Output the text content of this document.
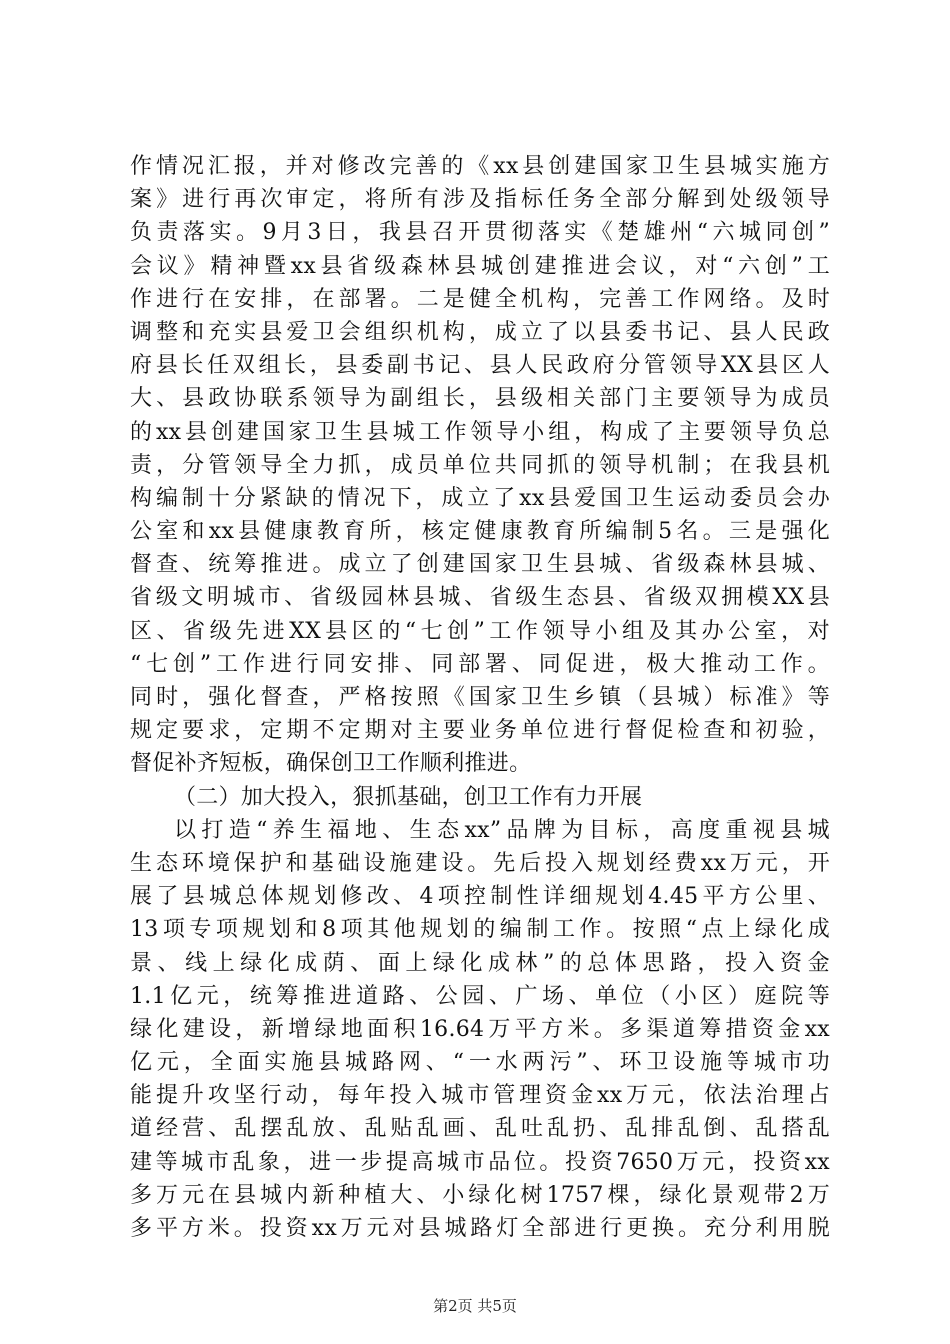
作情况汇报，并对修改完善的《xx县创建国家卫生县城实施方
案》进行再次审定，将所有涉及指标任务全部分解到处级领导
负责落实。9月3日，我县召开贯彻落实《楚雄州“六城同创”
会议》精神暨xx县省级森林县城创建推进会议，对“六创”工
作进行在安排，在部署。二是健全机构，完善工作网络。及时
调整和充实县爱卫会组织机构，成立了以县委书记、县人民政
府县长任双组长，县委副书记、县人民政府分管领导XX县区人
大、县政协联系领导为副组长，县级相关部门主要领导为成员
的xx县创建国家卫生县城工作领导小组，构成了主要领导负总
责，分管领导全力抓，成员单位共同抓的领导机制；在我县机
构编制十分紧缺的情况下，成立了xx县爱国卫生运动委员会办
公室和xx县健康教育所，核定健康教育所编制5名。三是强化
督查、统筹推进。成立了创建国家卫生县城、省级森林县城、
省级文明城市、省级园林县城、省级生态县、省级双拥模XX县
区、省级先进XX县区的“七创”工作领导小组及其办公室，对
“七创”工作进行同安排、同部署、同促进，极大推动工作。
同时，强化督查，严格按照《国家卫生乡镇（县城）标准》等
规定要求，定期不定期对主要业务单位进行督促检查和初验，
督促补齐短板，确保创卫工作顺利推进。
（二）加大投入，狠抓基础，创卫工作有力开展
以打造“养生福地、生态xx”品牌为目标，高度重视县城
生态环境保护和基础设施建设。先后投入规划经费xx万元，开
展了县城总体规划修改、4项控制性详细规划4.45平方公里、
13项专项规划和8项其他规划的编制工作。按照“点上绿化成
景、线上绿化成荫、面上绿化成林”的总体思路，投入资金
1.1亿元，统筹推进道路、公园、广场、单位（小区）庭院等
绿化建设，新增绿地面积16.64万平方米。多渠道筹措资金xx
亿元，全面实施县城路网、“一水两污”、环卫设施等城市功
能提升攻坚行动，每年投入城市管理资金xx万元，依法治理占
道经营、乱摆乱放、乱贴乱画、乱吐乱扔、乱排乱倒、乱搭乱
建等城市乱象，进一步提高城市品位。投资7650万元，投资xx
多万元在县城内新种植大、小绿化树1757棵，绿化景观带2万
多平方米。投资xx万元对县城路灯全部进行更换。充分利用脱
第2页 共5页
